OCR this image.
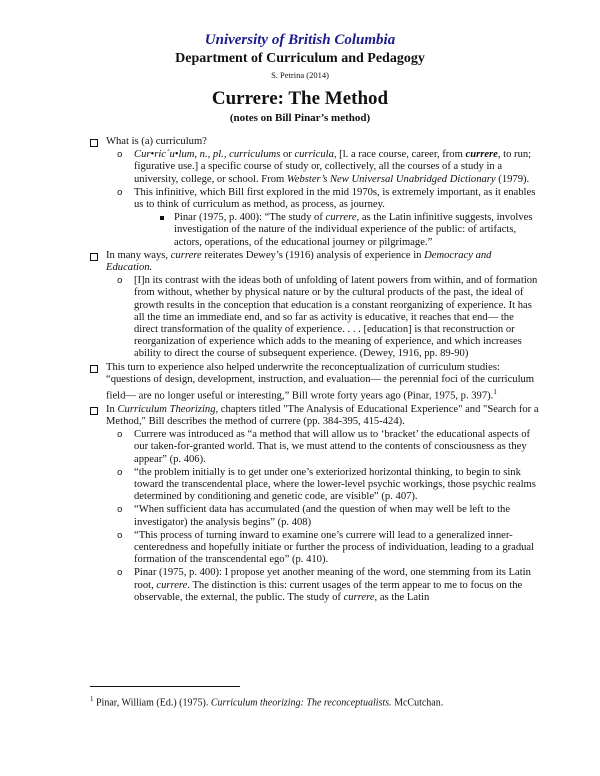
University of British Columbia
Department of Curriculum and Pedagogy
S. Petrina (2014)
Currere: The Method
(notes on Bill Pinar’s method)
What is (a) curriculum?
o Cur•ric´u•lum, n., pl., curriculums or curricula, [l. a race course, career, from currere, to run; figurative use.] a specific course of study or, collectively, all the courses of a study in a university, college, or school. From Webster’s New Universal Unabridged Dictionary (1979).
o This infinitive, which Bill first explored in the mid 1970s, is extremely important, as it enables us to think of curriculum as method, as process, as journey.
Pinar (1975, p. 400): “The study of currere, as the Latin infinitive suggests, involves investigation of the nature of the individual experience of the public: of artifacts, actors, operations, of the educational journey or pilgrimage.”
In many ways, currere reiterates Dewey’s (1916) analysis of experience in Democracy and Education.
o [I]n its contrast with the ideas both of unfolding of latent powers from within, and of formation from without, whether by physical nature or by the cultural products of the past, the ideal of growth results in the conception that education is a constant reorganizing of experience. It has all the time an immediate end, and so far as activity is educative, it reaches that end— the direct transformation of the quality of experience. . . . [education] is that reconstruction or reorganization of experience which adds to the meaning of experience, and which increases ability to direct the course of subsequent experience. (Dewey, 1916, pp. 89-90)
This turn to experience also helped underwrite the reconceptualization of curriculum studies: “questions of design, development, instruction, and evaluation— the perennial foci of the curriculum field— are no longer useful or interesting,” Bill wrote forty years ago (Pinar, 1975, p. 397).$^1$
In Curriculum Theorizing, chapters titled "The Analysis of Educational Experience" and "Search for a Method," Bill describes the method of currere (pp. 384-395, 415-424).
o Currere was introduced as “a method that will allow us to ‘bracket’ the educational aspects of our taken-for-granted world. That is, we must attend to the contents of consciousness as they appear” (p. 406).
o “the problem initially is to get under one’s exteriorized horizontal thinking, to begin to sink toward the transcendental place, where the lower-level psychic workings, those psychic realms determined by conditioning and genetic code, are visible” (p. 407).
o “When sufficient data has accumulated (and the question of when may well be left to the investigator) the analysis begins” (p. 408)
o “This process of turning inward to examine one’s currere will lead to a generalized inner-centeredness and hopefully initiate or further the process of individuation, leading to a gradual formation of the transcendental ego” (p. 410).
o Pinar (1975, p. 400): I propose yet another meaning of the word, one stemming from its Latin root, currere. The distinction is this: current usages of the term appear to me to focus on the observable, the external, the public. The study of currere, as the Latin
$^1$ Pinar, William (Ed.) (1975). Curriculum theorizing: The reconceptualists. McCutchan.
